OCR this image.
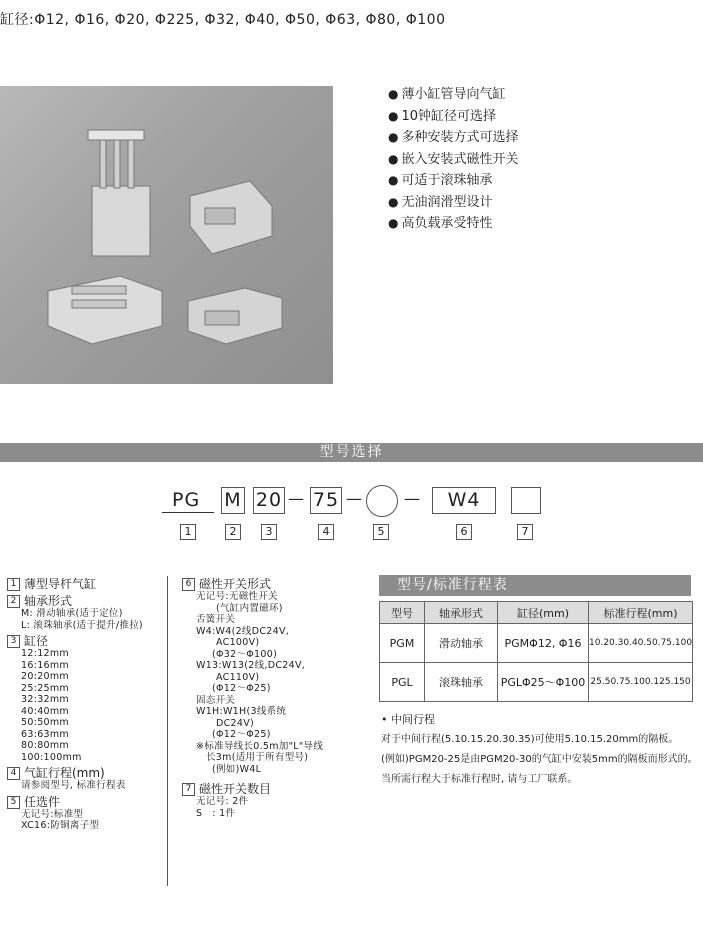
缸径:Φ12, Φ16, Φ20, Φ225, Φ32, Φ40, Φ50, Φ63, Φ80, Φ100
● 薄小缸管导向气缸
● 10钟缸径可选择
● 多种安装方式可选择
● 嵌入安装式磁性开关
● 可适于滚珠轴承
● 无油润滑型设计
● 高负载承受特性
型号选择
PG M 20 — 75 —	—	W4
1	2	3	4	5	6	7
1 薄型导杆气缸
2 轴承形式
M: 滑动轴承(适于定位)
L: 滚珠轴承(适于提升/推拉)
3 缸径
12:12mm
16:16mm
20:20mm
25:25mm
32:32mm
40:40mm
50:50mm
63:63mm
80:80mm
100:100mm
4 气缸行程(mm)
请参阅型号, 标准行程表
5 任选件
无记号:标准型
XC16:防铜离子型
6 磁性开关形式
无记号:无磁性开关
(气缸内置磁环)
舌簧开关
W4:W4(2线DC24V,
AC100V)
(Φ32～Φ100)
W13:W13(2线,DC24V,
AC110V)
(Φ12～Φ25)
固态开关
W1H:W1H(3线系统
DC24V)
(Φ12～Φ25)
※标准导线长0.5m加"L"导线
长3m(适用于所有型号)
(例如)W4L
7 磁性开关数目
无记号: 2件
S   : 1件
型号/标准行程表
型号	轴承形式	缸径(mm)	标准行程(mm)
PGM	滑动轴承	PGMΦ12, Φ16	10.20.30.40.50.75.100
PGL	滚珠轴承	PGLΦ25～Φ100	25.50.75.100.125.150
• 中间行程
对于中间行程(5.10.15.20.30.35)可使用5.10.15.20mm的隔板。
(例如)PGM20-25是由PGM20-30的气缸中安装5mm的隔板而形式的。
当所需行程大于标准行程时, 请与工厂联系。
